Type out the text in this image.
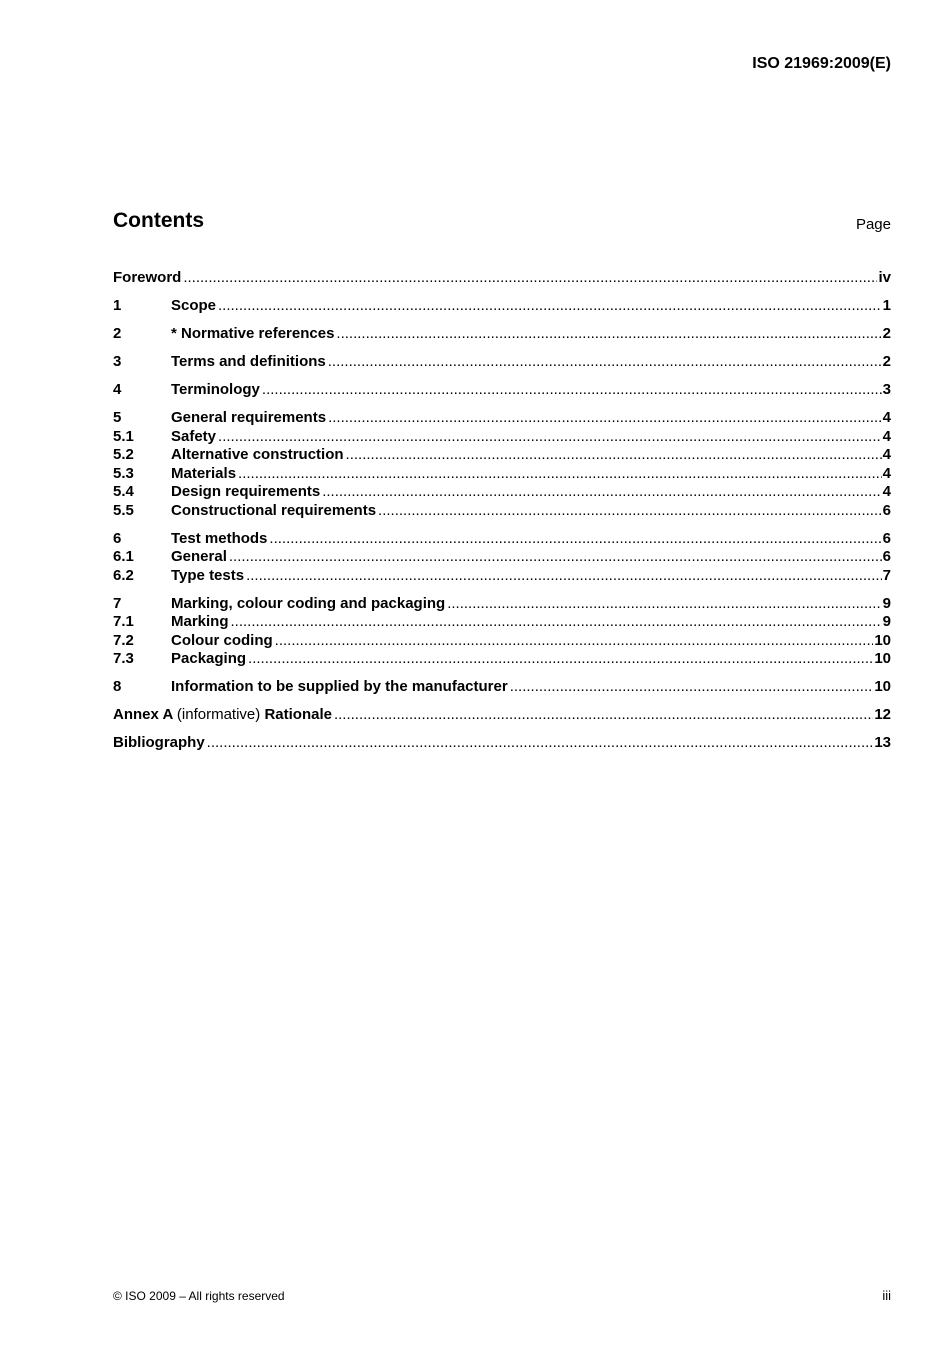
ISO 21969:2009(E)
Contents	Page
Foreword .....	iv
1	Scope .....	1
2	* Normative references .....	2
3	Terms and definitions .....	2
4	Terminology .....	3
5	General requirements .....	4
5.1	Safety .....	4
5.2	Alternative construction .....	4
5.3	Materials .....	4
5.4	Design requirements .....	4
5.5	Constructional requirements .....	6
6	Test methods .....	6
6.1	General .....	6
6.2	Type tests .....	7
7	Marking, colour coding and packaging .....	9
7.1	Marking .....	9
7.2	Colour coding .....	10
7.3	Packaging .....	10
8	Information to be supplied by the manufacturer .....	10
Annex A (informative) Rationale .....	12
Bibliography .....	13
© ISO 2009 – All rights reserved	iii
